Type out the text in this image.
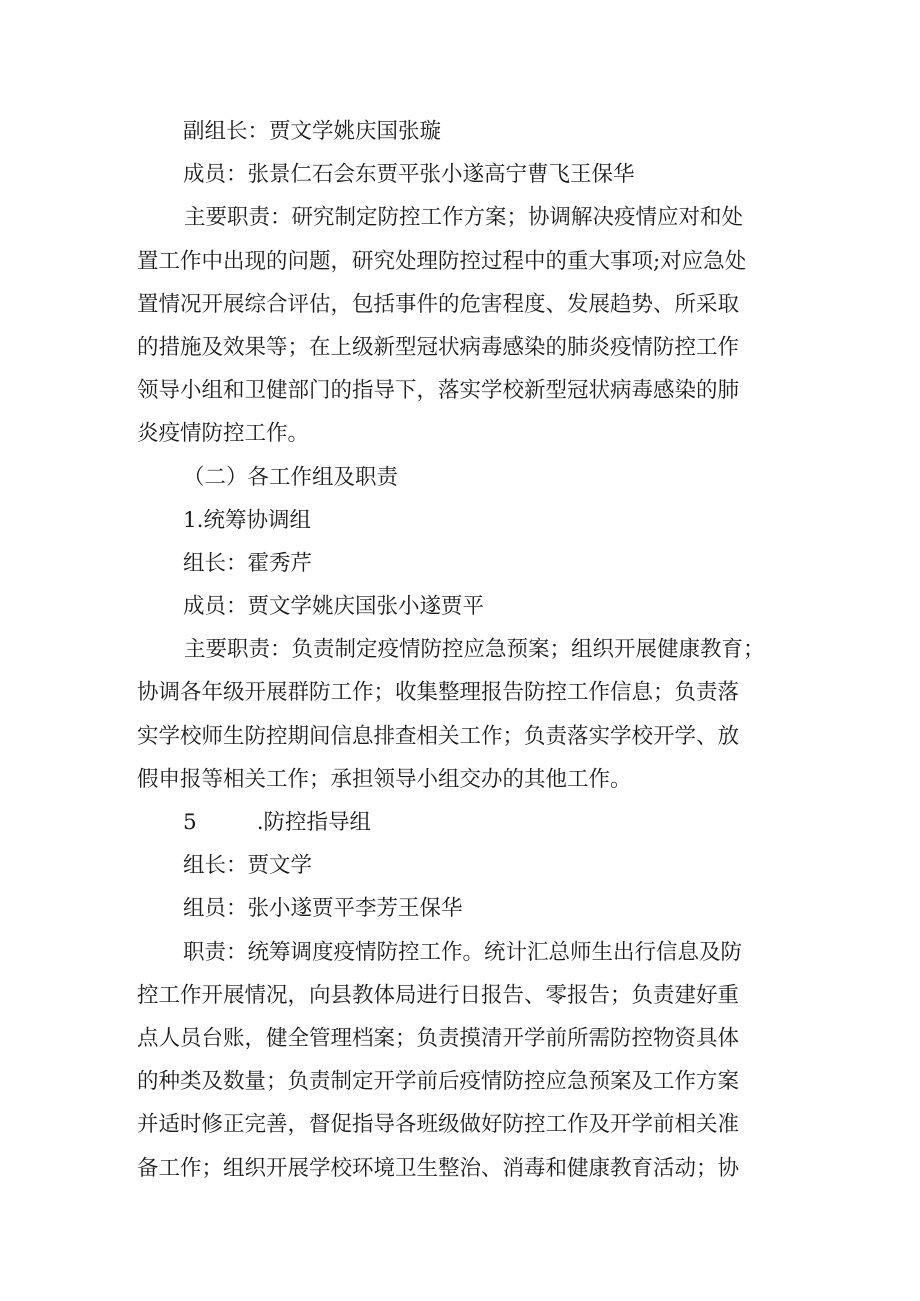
副组长：贾文学姚庆国张璇
成员：张景仁石会东贾平张小遂高宁曹飞王保华
主要职责：研究制定防控工作方案；协调解决疫情应对和处
置工作中出现的问题，研究处理防控过程中的重大事项;对应急处
置情况开展综合评估，包括事件的危害程度、发展趋势、所采取
的措施及效果等；在上级新型冠状病毒感染的肺炎疫情防控工作
领导小组和卫健部门的指导下，落实学校新型冠状病毒感染的肺
炎疫情防控工作。
（二）各工作组及职责
1.统筹协调组
组长：霍秀芹
成员：贾文学姚庆国张小遂贾平
主要职责：负责制定疫情防控应急预案；组织开展健康教育；
协调各年级开展群防工作；收集整理报告防控工作信息；负责落
实学校师生防控期间信息排查相关工作；负责落实学校开学、放
假申报等相关工作；承担领导小组交办的其他工作。
5	.防控指导组
组长：贾文学
组员：张小遂贾平李芳王保华
职责：统筹调度疫情防控工作。统计汇总师生出行信息及防
控工作开展情况，向县教体局进行日报告、零报告；负责建好重
点人员台账，健全管理档案；负责摸清开学前所需防控物资具体
的种类及数量；负责制定开学前后疫情防控应急预案及工作方案
并适时修正完善，督促指导各班级做好防控工作及开学前相关准
备工作；组织开展学校环境卫生整治、消毒和健康教育活动；协
